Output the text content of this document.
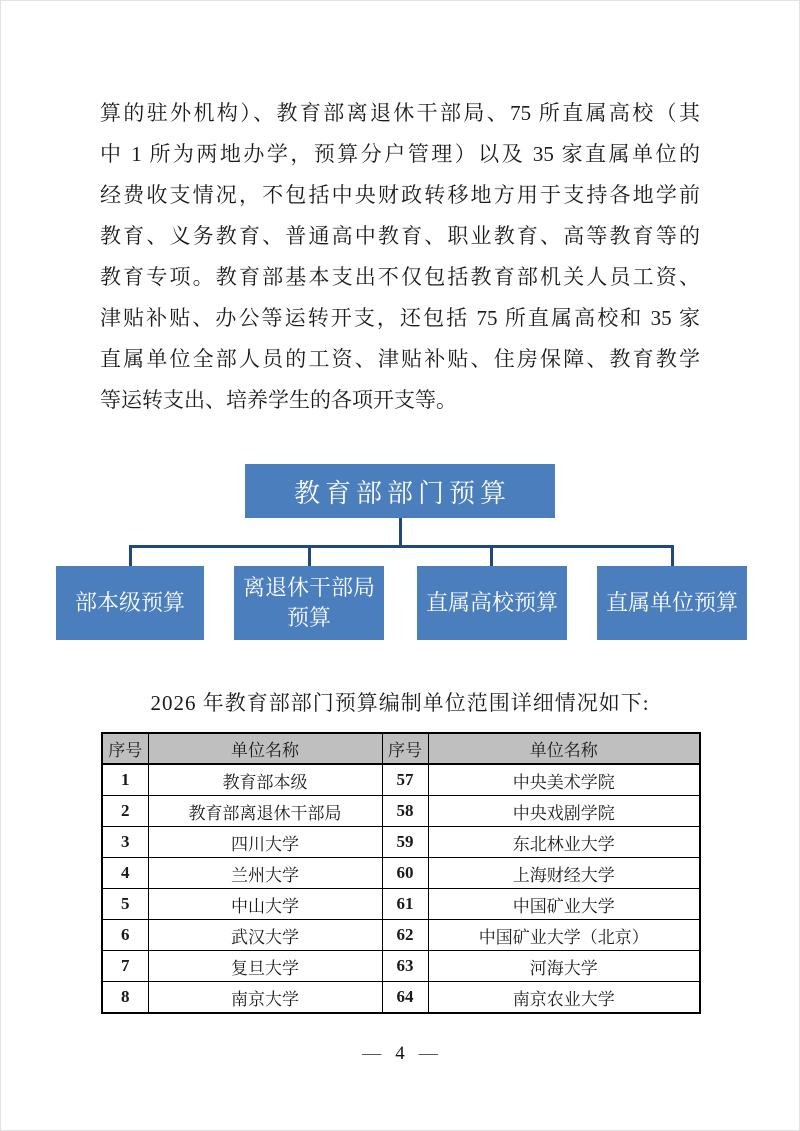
算的驻外机构）、教育部离退休干部局、75 所直属高校（其
中 1 所为两地办学，预算分户管理）以及 35 家直属单位的
经费收支情况，不包括中央财政转移地方用于支持各地学前
教育、义务教育、普通高中教育、职业教育、高等教育等的
教育专项。教育部基本支出不仅包括教育部机关人员工资、
津贴补贴、办公等运转开支，还包括 75 所直属高校和 35 家
直属单位全部人员的工资、津贴补贴、住房保障、教育教学
等运转支出、培养学生的各项开支等。
教育部部门预算
部本级预算
离退休干部局预算
直属高校预算	直属单位预算
2026 年教育部部门预算编制单位范围详细情况如下:
序号	单位名称	序号	单位名称
1	教育部本级	57	中央美术学院
2	教育部离退休干部局	58	中央戏剧学院
3	四川大学	59	东北林业大学
4	兰州大学	60	上海财经大学
5	中山大学	61	中国矿业大学
6	武汉大学	62	中国矿业大学（北京）
7	复旦大学	63	河海大学
8	南京大学	64	南京农业大学
— 4 —
